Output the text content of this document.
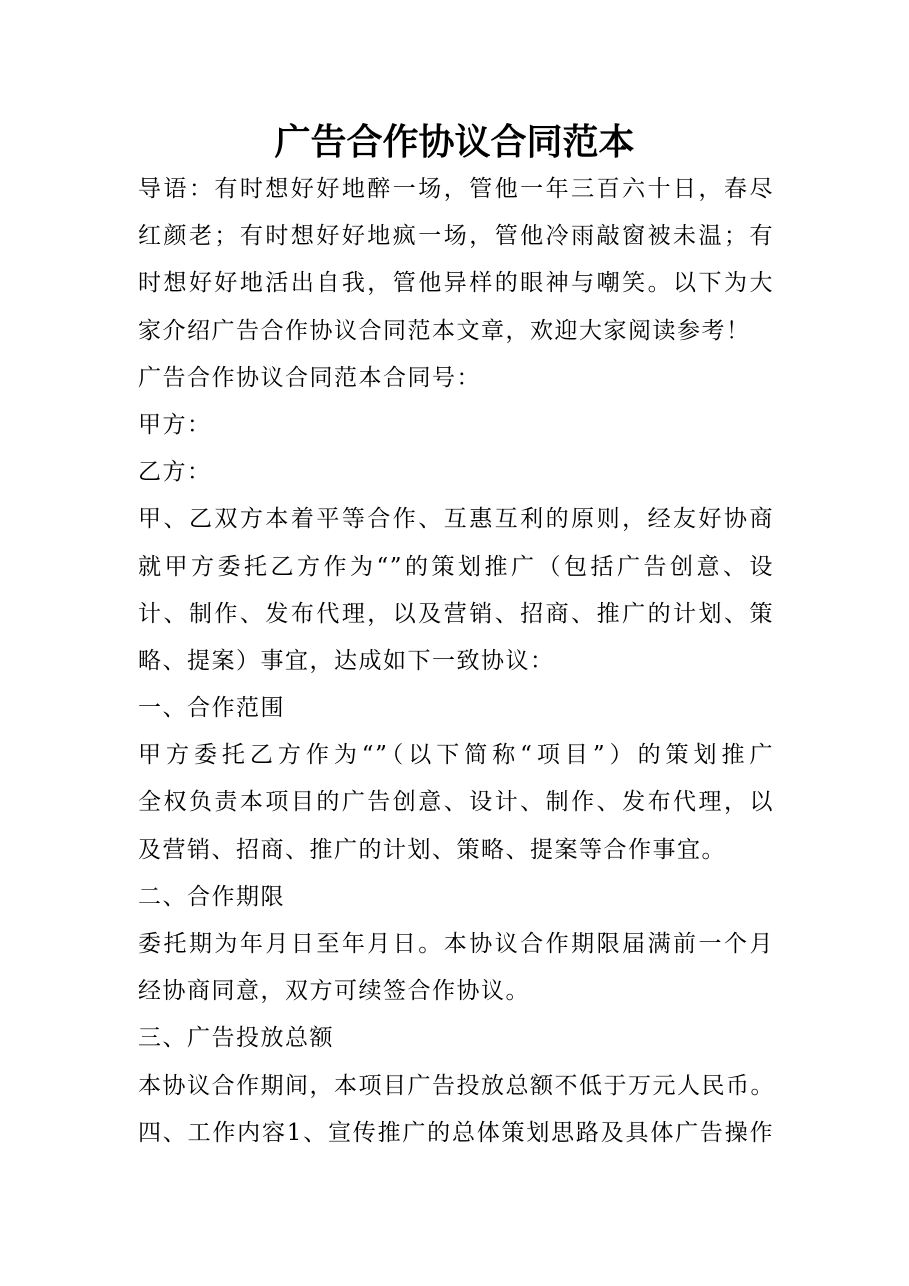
广告合作协议合同范本
导语：有时想好好地醉一场，管他一年三百六十日，春尽
红颜老；有时想好好地疯一场，管他冷雨敲窗被未温；有
时想好好地活出自我，管他异样的眼神与嘲笑。以下为大
家介绍广告合作协议合同范本文章，欢迎大家阅读参考！
广告合作协议合同范本合同号：
甲方：
乙方：
甲、乙双方本着平等合作、互惠互利的原则，经友好协商
就甲方委托乙方作为“”的策划推广（包括广告创意、设
计、制作、发布代理，以及营销、招商、推广的计划、策
略、提案）事宜，达成如下一致协议：
一、合作范围
甲方委托乙方作为“”（以下简称“项目”）的策划推广
全权负责本项目的广告创意、设计、制作、发布代理，以
及营销、招商、推广的计划、策略、提案等合作事宜。
二、合作期限
委托期为年月日至年月日。本协议合作期限届满前一个月
经协商同意，双方可续签合作协议。
三、广告投放总额
本协议合作期间，本项目广告投放总额不低于万元人民币。
四、工作内容1、宣传推广的总体策划思路及具体广告操作
